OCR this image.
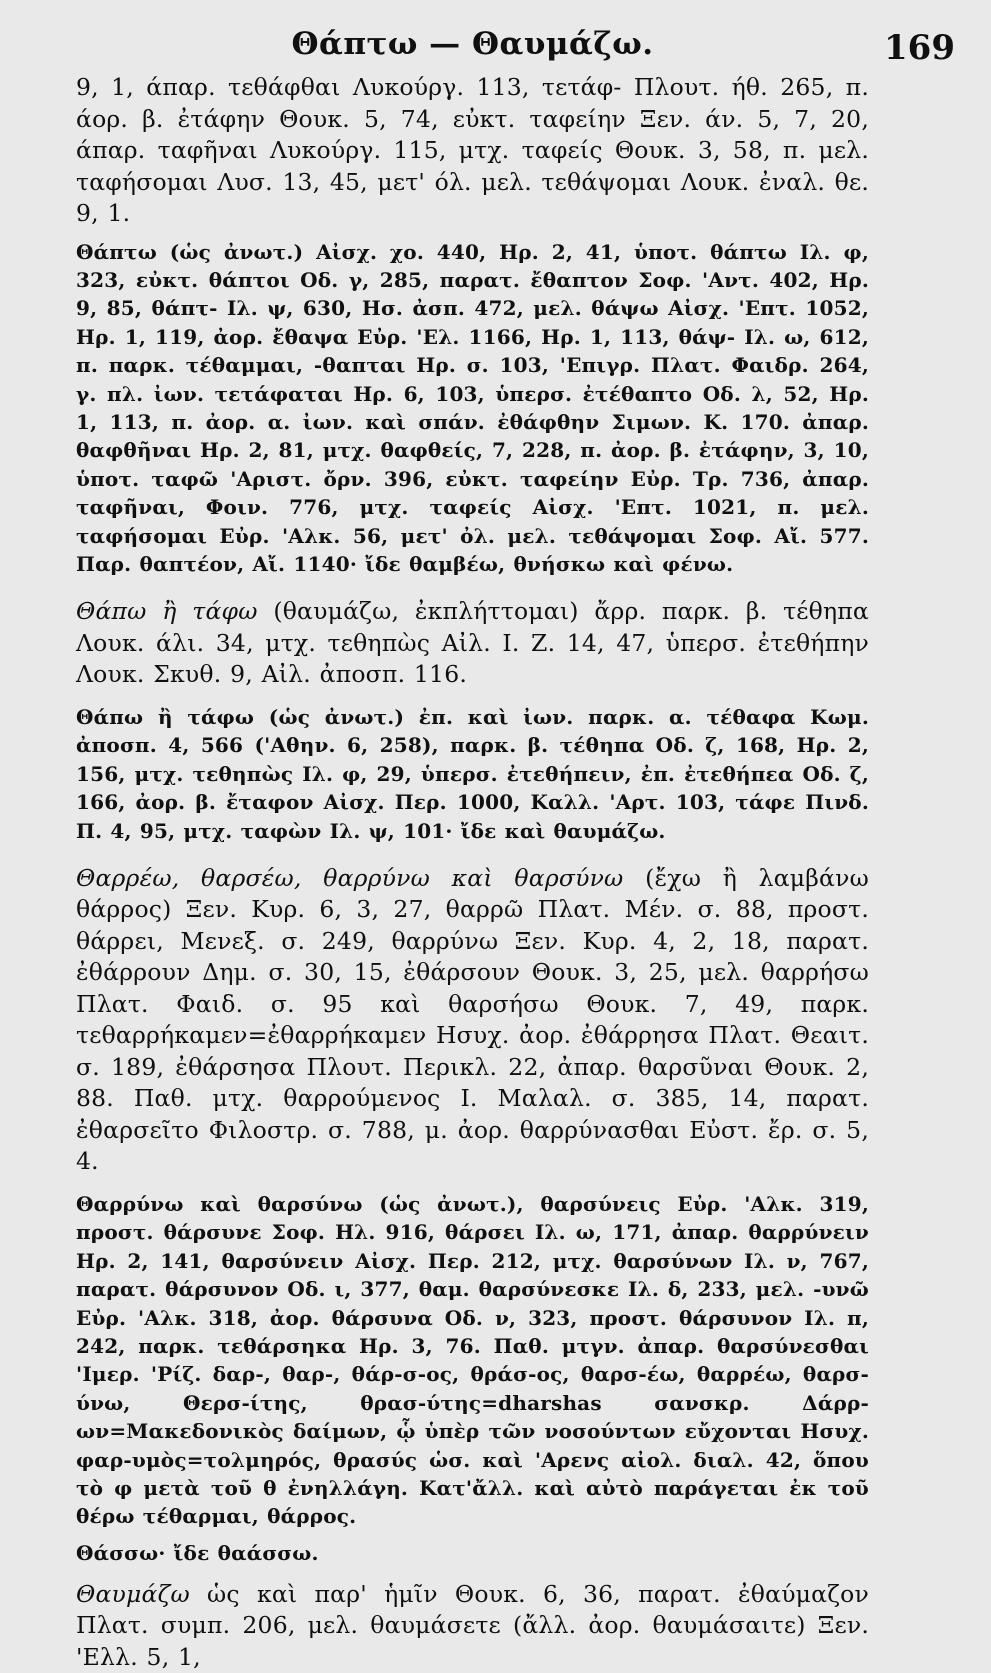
Θάπτω — Θαυμάζω.	169

9, 1, άπαρ. τεθάφθαι Λυκούργ. 113, τετάφ- Πλουτ. ήθ. 265, π. άορ. β. ἐτάφην Θουκ. 5, 74, εὐκτ. ταφείην Ξεν. άν. 5, 7, 20, άπαρ. ταφῆναι Λυκούργ. 115, μτχ. ταφείς Θουκ. 3, 58, π. μελ. ταφήσομαι Λυσ. 13, 45, μετ' όλ. μελ. τεθάψομαι Λουκ. ἐναλ. θε. 9, 1.

Θάπτω (ὡς ἀνωτ.) Αἰσχ. χο. 440, Ηρ. 2, 41, ὑποτ. θάπτω Ιλ. φ, 323, εὐκτ. θάπτοι Οδ. γ, 285, παρατ. ἔθαπτον Σοφ. 'Αντ. 402, Ηρ. 9, 85, θάπτ- Ιλ. ψ, 630, Ησ. ἀσπ. 472, μελ. θάψω Αἰσχ. 'Επτ. 1052, Ηρ. 1, 119, ἀορ. ἔθαψα Εὐρ. 'Ελ. 1166, Ηρ. 1, 113, θάψ- Ιλ. ω, 612, π. παρκ. τέθαμμαι, -θαπται Ηρ. σ. 103, 'Επιγρ. Πλατ. Φαιδρ. 264, γ. πλ. ἰων. τετάφαται Ηρ. 6, 103, ὑπερσ. ἐτέθαπτο Οδ. λ, 52, Ηρ. 1, 113, π. ἀορ. α. ἰων. καὶ σπάν. ἐθάφθην Σιμων. Κ. 170. ἀπαρ. θαφθῆναι Ηρ. 2, 81, μτχ. θαφθείς, 7, 228, π. ἀορ. β. ἐτάφην, 3, 10, ὑποτ. ταφῶ 'Αριστ. ὄρν. 396, εὐκτ. ταφείην Εὐρ. Τρ. 736, ἀπαρ. ταφῆναι, Φοιν. 776, μτχ. ταφείς Αἰσχ. 'Επτ. 1021, π. μελ. ταφήσομαι Εὐρ. 'Αλκ. 56, μετ' ὀλ. μελ. τεθάψομαι Σοφ. Αἴ. 577. Παρ. θαπτέον, Αἴ. 1140· ἴδε θαμβέω, θνήσκω καὶ φένω.

Θάπω ἢ τάφω (θαυμάζω, ἐκπλήττομαι) ἄρρ. παρκ. β. τέθηπα Λουκ. άλι. 34, μτχ. τεθηπὼς Αἰλ. Ι. Ζ. 14, 47, ὑπερσ. ἐτεθήπην Λουκ. Σκυθ. 9, Αἰλ. ἀποσπ. 116.

Θάπω ἢ τάφω (ὡς ἀνωτ.) ἐπ. καὶ ἰων. παρκ. α. τέθαφα Κωμ. ἀποσπ. 4, 566 ('Αθην. 6, 258), παρκ. β. τέθηπα Οδ. ζ, 168, Ηρ. 2, 156, μτχ. τεθηπὼς Ιλ. φ, 29, ὑπερσ. ἐτεθήπειν, ἐπ. ἐτεθήπεα Οδ. ζ, 166, ἀορ. β. ἔταφον Αἰσχ. Περ. 1000, Καλλ. 'Αρτ. 103, τάφε Πινδ. Π. 4, 95, μτχ. ταφὼν Ιλ. ψ, 101· ἴδε καὶ θαυμάζω.

Θαρρέω, θαρσέω, θαρρύνω καὶ θαρσύνω (ἔχω ἢ λαμβάνω θάρρος) Ξεν. Κυρ. 6, 3, 27, θαρρῶ Πλατ. Μέν. σ. 88, προστ. θάρρει, Μενεξ. σ. 249, θαρρύνω Ξεν. Κυρ. 4, 2, 18, παρατ. ἐθάρρουν Δημ. σ. 30, 15, ἐθάρσουν Θουκ. 3, 25, μελ. θαρρήσω Πλατ. Φαιδ. σ. 95 καὶ θαρσήσω Θουκ. 7, 49, παρκ. τεθαρρήκαμεν=ἐθαρρήκαμεν Ησυχ. ἀορ. ἐθάρρησα Πλατ. Θεαιτ. σ. 189, ἐθάρσησα Πλουτ. Περικλ. 22, ἀπαρ. θαρσῦναι Θουκ. 2, 88. Παθ. μτχ. θαρρούμενος Ι. Μαλαλ. σ. 385, 14, παρατ. ἐθαρσεῖτο Φιλοστρ. σ. 788, μ. ἀορ. θαρρύνασθαι Εὐστ. ἔρ. σ. 5, 4.

Θαρρύνω καὶ θαρσύνω (ὡς ἀνωτ.), θαρσύνεις Εὐρ. 'Αλκ. 319, προστ. θάρσυνε Σοφ. Ηλ. 916, θάρσει Ιλ. ω, 171, ἀπαρ. θαρρύνειν Ηρ. 2, 141, θαρσύνειν Αἰσχ. Περ. 212, μτχ. θαρσύνων Ιλ. ν, 767, παρατ. θάρσυνον Οδ. ι, 377, θαμ. θαρσύνεσκε Ιλ. δ, 233, μελ. -υνῶ Εὐρ. 'Αλκ. 318, ἀορ. θάρσυνα Οδ. ν, 323, προστ. θάρσυνον Ιλ. π, 242, παρκ. τεθάρσηκα Ηρ. 3, 76. Παθ. μτγν. ἀπαρ. θαρσύνεσθαι 'Ιμερ. 'Ρίζ. δαρ-, θαρ-, θάρ-σ-ος, θράσ-ος, θαρσ-έω, θαρρέω, θαρσ-ύνω, Θερσ-ίτης, θρασ-ύτης=dharshas σανσκρ. Δάρρ-ων=Μακεδονικὸς δαίμων, ᾧ ὑπὲρ τῶν νοσούντων εὔχονται Ησυχ. φαρ-υμὸς=τολμηρός, θρασύς ὡσ. καὶ 'Αρενς αἰολ. διαλ. 42, ὅπου τὸ φ μετὰ τοῦ θ ἐνηλλάγη. Κατ'ἄλλ. καὶ αὐτὸ παράγεται ἐκ τοῦ θέρω τέθαρμαι, θάρρος.

Θάσσω· ἴδε θαάσσω.

Θαυμάζω ὡς καὶ παρ' ἡμῖν Θουκ. 6, 36, παρατ. ἐθαύμαζον Πλατ. συμπ. 206, μελ. θαυμάσετε (ἄλλ. ἀορ. θαυμάσαιτε) Ξεν. 'Ελλ. 5, 1,
